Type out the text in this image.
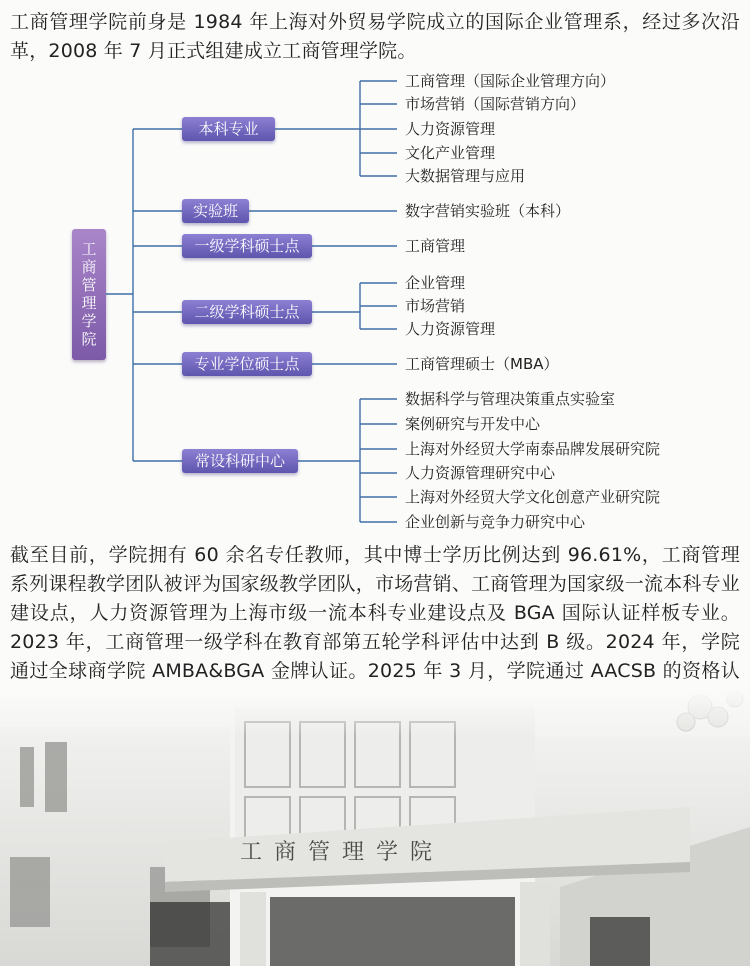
工商管理学院前身是 1984 年上海对外贸易学院成立的国际企业管理系，经过多次沿革，2008 年 7 月正式组建成立工商管理学院。

工商管理学院
本科专业
实验班
一级学科硕士点
二级学科硕士点
专业学位硕士点
常设科研中心
工商管理（国际企业管理方向）
市场营销（国际营销方向）
人力资源管理
文化产业管理
大数据管理与应用
数字营销实验班（本科）
工商管理
企业管理
市场营销
人力资源管理
工商管理硕士（MBA）
数据科学与管理决策重点实验室
案例研究与开发中心
上海对外经贸大学南泰品牌发展研究院
人力资源管理研究中心
上海对外经贸大学文化创意产业研究院
企业创新与竞争力研究中心

截至目前，学院拥有 60 余名专任教师，其中博士学历比例达到 96.61%，工商管理系列课程教学团队被评为国家级教学团队，市场营销、工商管理为国家级一流本科专业建设点，人力资源管理为上海市级一流本科专业建设点及 BGA 国际认证样板专业。2023 年，工商管理一级学科在教育部第五轮学科评估中达到 B 级。2024 年，学院通过全球商学院 AMBA&BGA 金牌认证。2025 年 3 月，学院通过 AACSB 的资格认
